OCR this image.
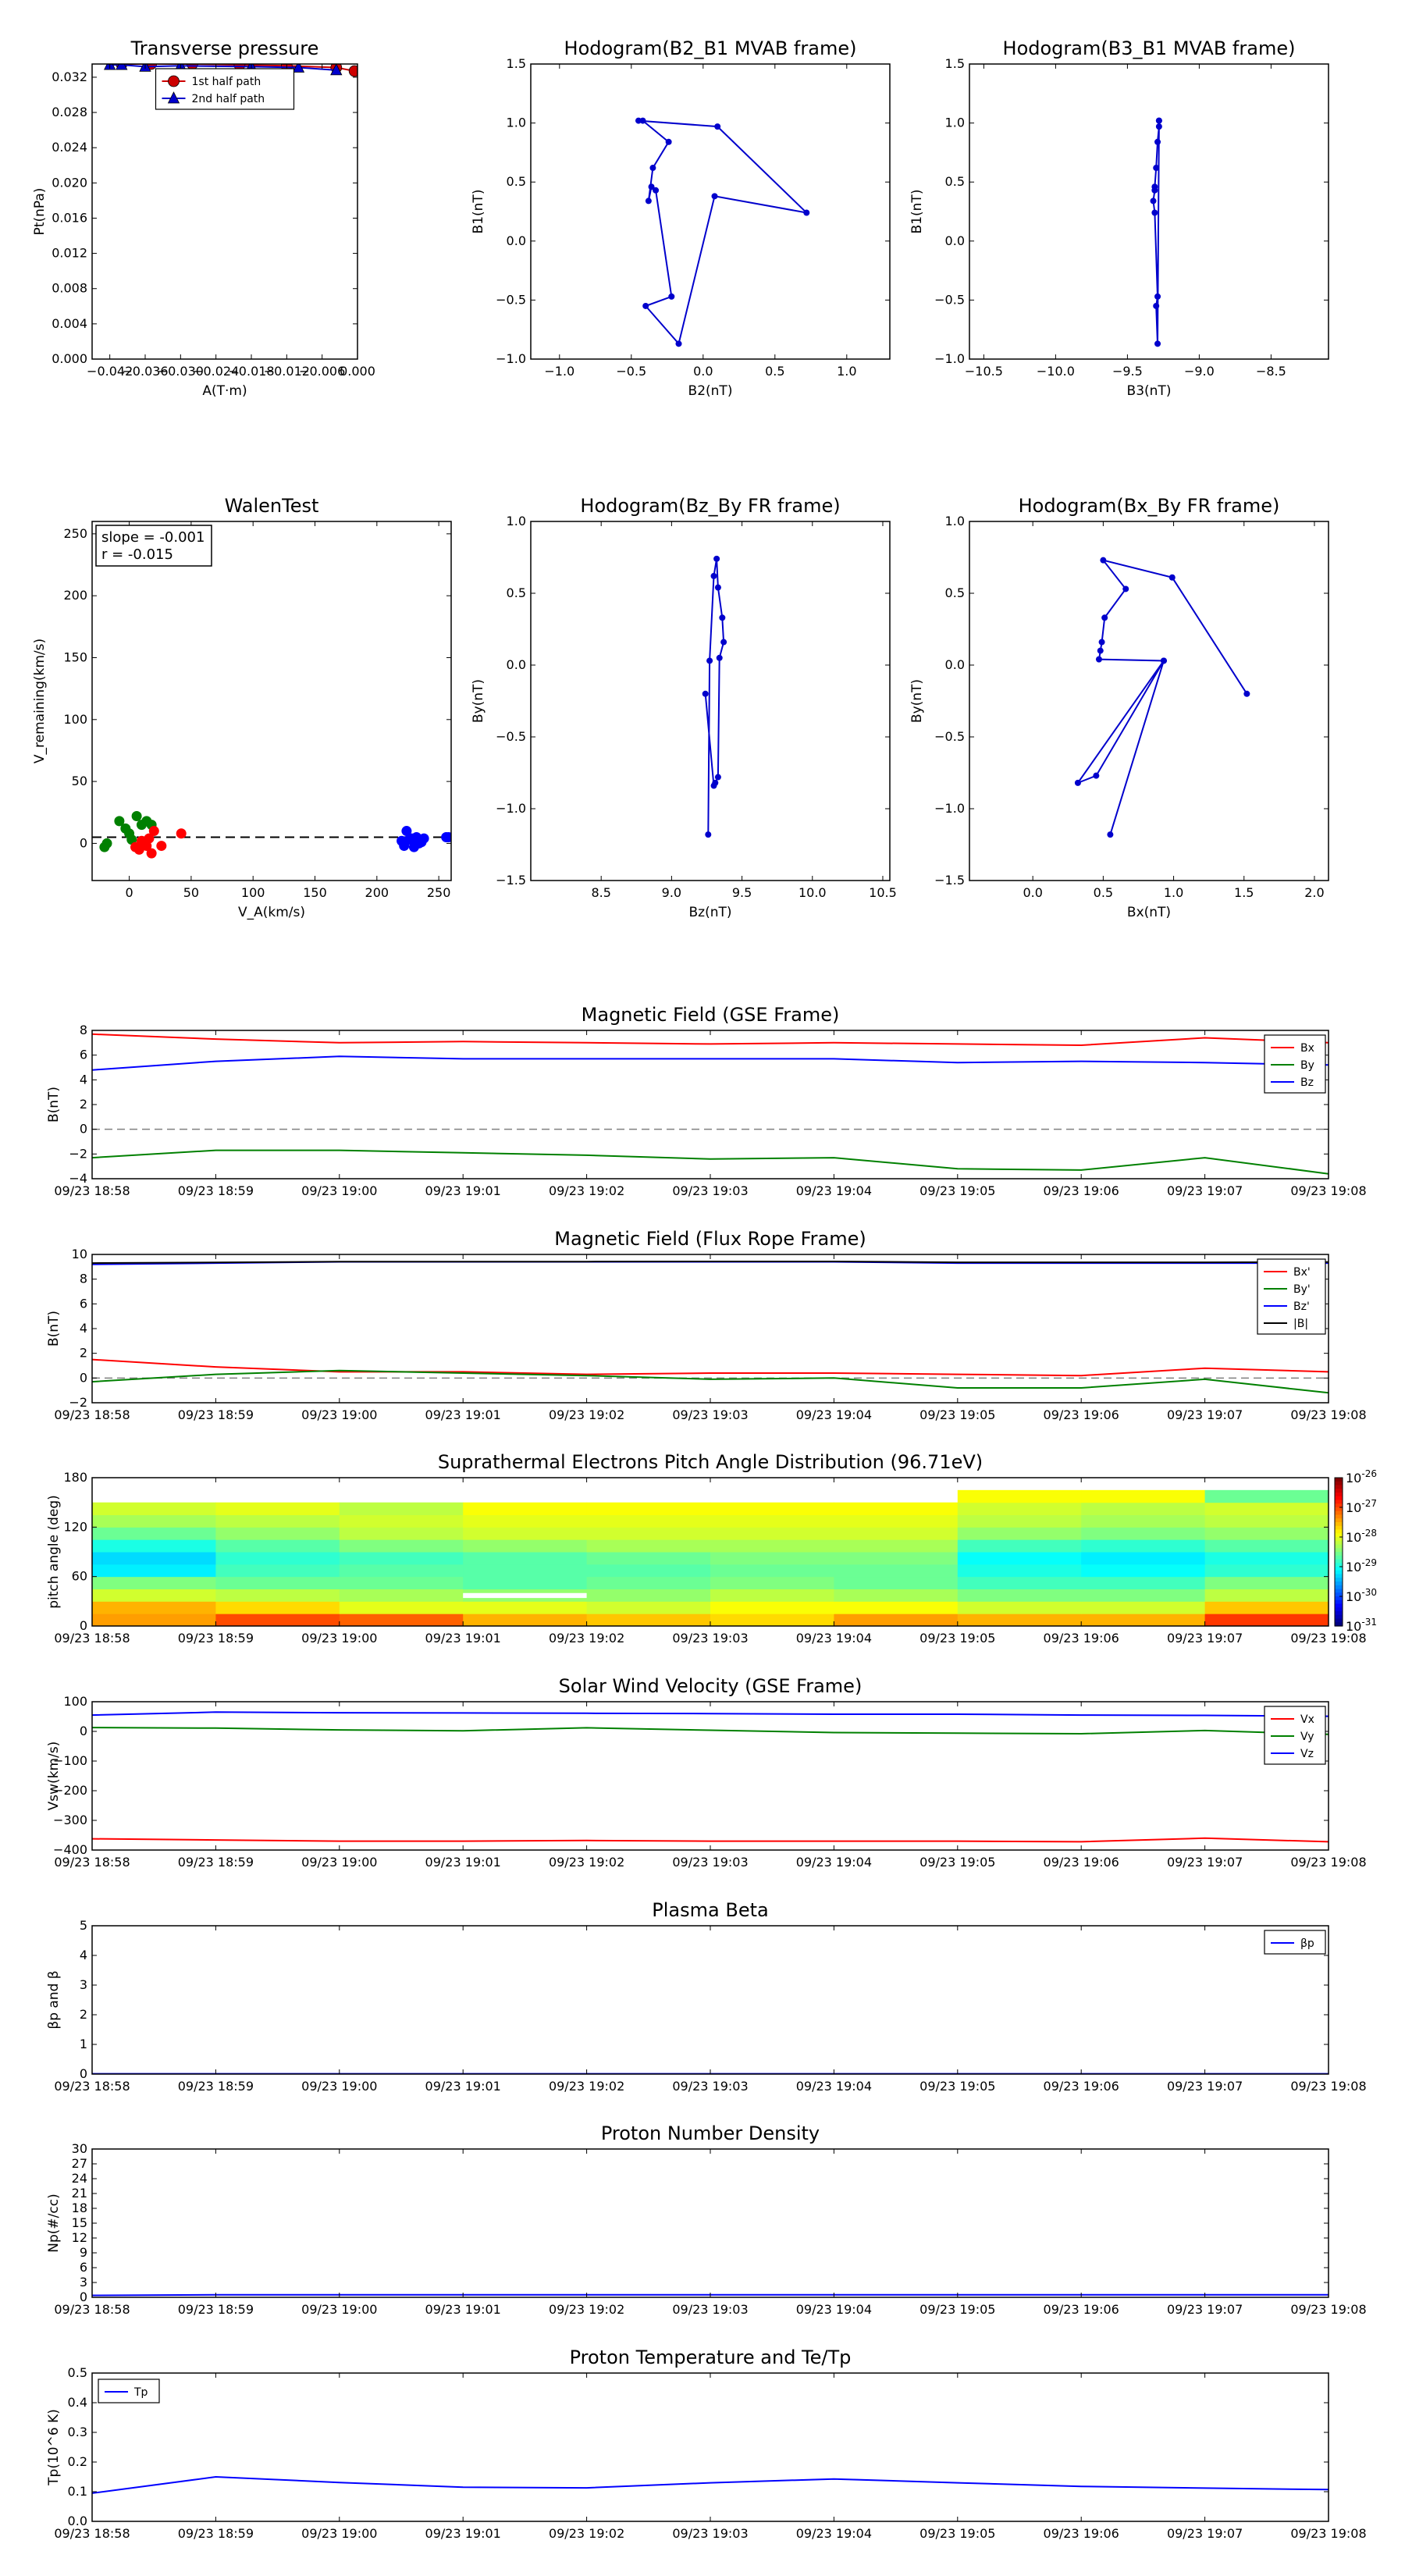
Transverse pressure
0.000
0.004
0.008
0.012
0.016
0.020
0.024
0.028
0.032
−0.042
−0.036
−0.030
−0.024
−0.018
−0.012
−0.006
0.000
A(T·m)
Pt(nPa)
1st half path
2nd half path
Hodogram(B2_B1 MVAB frame)
−1.0
−0.5
0.0
0.5
1.0
1.5
−1.0	−0.5	0.0	0.5	1.0
B2(nT)
B1(nT)
Hodogram(B3_B1 MVAB frame)
−1.0
−0.5
0.0
0.5
1.0
1.5
−10.5	−10.0	−9.5	−9.0	−8.5
B3(nT)
B1(nT)
WalenTest
0
50
100
150
200
250
0	50	100	150	200	250
V_A(km/s)
V_remaining(km/s)
slope = -0.001
r = -0.015
Hodogram(Bz_By FR frame)
−1.5
−1.0
−0.5
0.0
0.5
1.0
8.5	9.0	9.5	10.0	10.5
Bz(nT)
By(nT)
Hodogram(Bx_By FR frame)
−1.5
−1.0
−0.5
0.0
0.5
1.0
0.0	0.5	1.0	1.5	2.0
Bx(nT)
By(nT)
Magnetic Field (GSE Frame)
−4
−2
0
2
4
6
8
09/23 18:58	09/23 18:59	09/23 19:00	09/23 19:01	09/23 19:02	09/23 19:03	09/23 19:04	09/23 19:05	09/23 19:06	09/23 19:07	09/23 19:08
B(nT)
Bx
By
Bz
Magnetic Field (Flux Rope Frame)
−2
0
2
4
6
8
10
09/23 18:58	09/23 18:59	09/23 19:00	09/23 19:01	09/23 19:02	09/23 19:03	09/23 19:04	09/23 19:05	09/23 19:06	09/23 19:07	09/23 19:08
B(nT)
Bx'
By'
Bz'
|B|
Suprathermal Electrons Pitch Angle Distribution (96.71eV)
$10^{-26}$
$10^{-27}$
$10^{-28}$
$10^{-29}$
$10^{-30}$
$10^{-31}$
0
60
120
180
09/23 18:58	09/23 18:59	09/23 19:00	09/23 19:01	09/23 19:02	09/23 19:03	09/23 19:04	09/23 19:05	09/23 19:06	09/23 19:07	09/23 19:08
pitch angle (deg)
Solar Wind Velocity (GSE Frame)
−400
−300
−200
−100
0
100
09/23 18:58	09/23 18:59	09/23 19:00	09/23 19:01	09/23 19:02	09/23 19:03	09/23 19:04	09/23 19:05	09/23 19:06	09/23 19:07	09/23 19:08
Vsw(km/s)
Vx
Vy
Vz
Plasma Beta
0
1
2
3
4
5
09/23 18:58	09/23 18:59	09/23 19:00	09/23 19:01	09/23 19:02	09/23 19:03	09/23 19:04	09/23 19:05	09/23 19:06	09/23 19:07	09/23 19:08
βp and β
βp
Proton Number Density
0
3
6
9
12
15
18
21
24
27
30
09/23 18:58	09/23 18:59	09/23 19:00	09/23 19:01	09/23 19:02	09/23 19:03	09/23 19:04	09/23 19:05	09/23 19:06	09/23 19:07	09/23 19:08
Np(#/cc)
Proton Temperature and Te/Tp
0.0
0.1
0.2
0.3
0.4
0.5
09/23 18:58	09/23 18:59	09/23 19:00	09/23 19:01	09/23 19:02	09/23 19:03	09/23 19:04	09/23 19:05	09/23 19:06	09/23 19:07	09/23 19:08
Tp(10^6 K)
Tp
